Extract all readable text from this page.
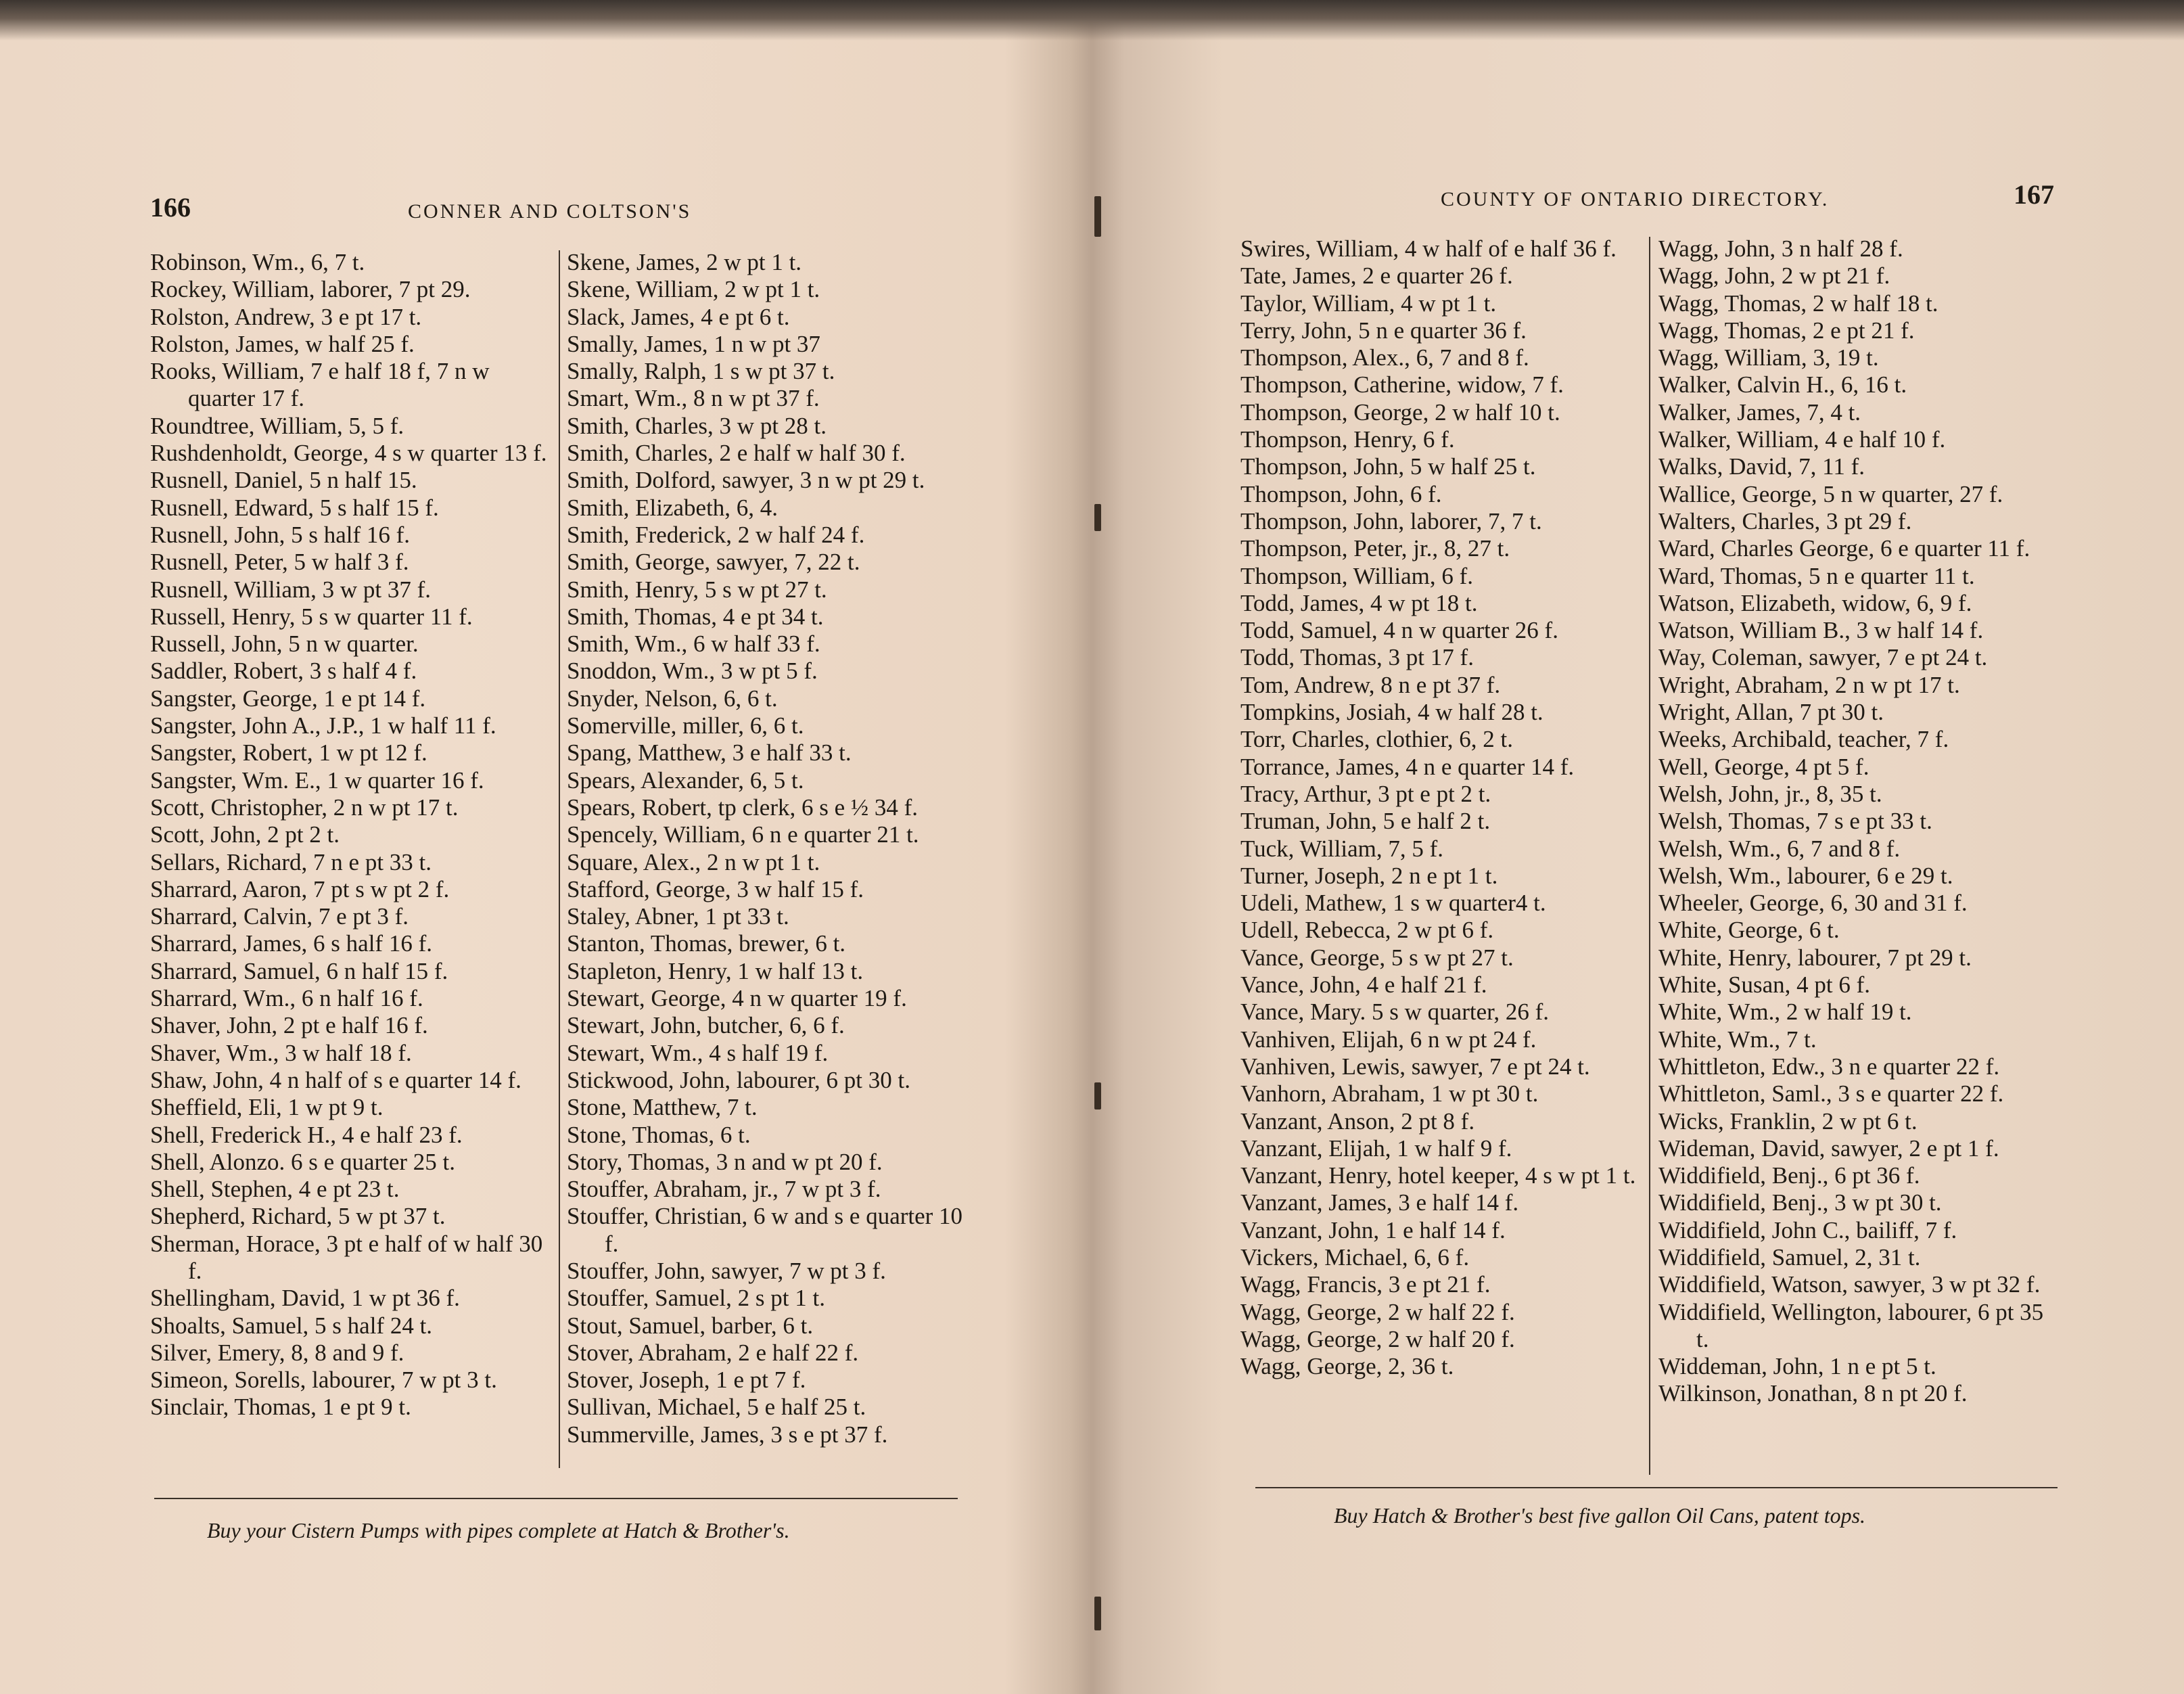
166	CONNER AND COLTSON'S
Robinson, Wm., 6, 7 t.
Rockey, William, laborer, 7 pt 29.
Rolston, Andrew, 3 e pt 17 t.
Rolston, James, w half 25 f.
Rooks, William, 7 e half 18 f, 7 n w quarter 17 f.
Roundtree, William, 5, 5 f.
Rushdenholdt, George, 4 s w quarter 13 f.
Rusnell, Daniel, 5 n half 15.
Rusnell, Edward, 5 s half 15 f.
Rusnell, John, 5 s half 16 f.
Rusnell, Peter, 5 w half 3 f.
Rusnell, William, 3 w pt 37 f.
Russell, Henry, 5 s w quarter 11 f.
Russell, John, 5 n w quarter.
Saddler, Robert, 3 s half 4 f.
Sangster, George, 1 e pt 14 f.
Sangster, John A., J.P., 1 w half 11 f.
Sangster, Robert, 1 w pt 12 f.
Sangster, Wm. E., 1 w quarter 16 f.
Scott, Christopher, 2 n w pt 17 t.
Scott, John, 2 pt 2 t.
Sellars, Richard, 7 n e pt 33 t.
Sharrard, Aaron, 7 pt s w pt 2 f.
Sharrard, Calvin, 7 e pt 3 f.
Sharrard, James, 6 s half 16 f.
Sharrard, Samuel, 6 n half 15 f.
Sharrard, Wm., 6 n half 16 f.
Shaver, John, 2 pt e half 16 f.
Shaver, Wm., 3 w half 18 f.
Shaw, John, 4 n half of s e quarter 14 f.
Sheffield, Eli, 1 w pt 9 t.
Shell, Frederick H., 4 e half 23 f.
Shell, Alonzo. 6 s e quarter 25 t.
Shell, Stephen, 4 e pt 23 t.
Shepherd, Richard, 5 w pt 37 t.
Sherman, Horace, 3 pt e half of w half 30 f.
Shellingham, David, 1 w pt 36 f.
Shoalts, Samuel, 5 s half 24 t.
Silver, Emery, 8, 8 and 9 f.
Simeon, Sorells, labourer, 7 w pt 3 t.
Sinclair, Thomas, 1 e pt 9 t.
Skene, James, 2 w pt 1 t.
Skene, William, 2 w pt 1 t.
Slack, James, 4 e pt 6 t.
Smally, James, 1 n w pt 37
Smally, Ralph, 1 s w pt 37 t.
Smart, Wm., 8 n w pt 37 f.
Smith, Charles, 3 w pt 28 t.
Smith, Charles, 2 e half w half 30 f.
Smith, Dolford, sawyer, 3 n w pt 29 t.
Smith, Elizabeth, 6, 4.
Smith, Frederick, 2 w half 24 f.
Smith, George, sawyer, 7, 22 t.
Smith, Henry, 5 s w pt 27 t.
Smith, Thomas, 4 e pt 34 t.
Smith, Wm., 6 w half 33 f.
Snoddon, Wm., 3 w pt 5 f.
Snyder, Nelson, 6, 6 t.
Somerville, miller, 6, 6 t.
Spang, Matthew, 3 e half 33 t.
Spears, Alexander, 6, 5 t.
Spears, Robert, tp clerk, 6 s e ½ 34 f.
Spencely, William, 6 n e quarter 21 t.
Square, Alex., 2 n w pt 1 t.
Stafford, George, 3 w half 15 f.
Staley, Abner, 1 pt 33 t.
Stanton, Thomas, brewer, 6 t.
Stapleton, Henry, 1 w half 13 t.
Stewart, George, 4 n w quarter 19 f.
Stewart, John, butcher, 6, 6 f.
Stewart, Wm., 4 s half 19 f.
Stickwood, John, labourer, 6 pt 30 t.
Stone, Matthew, 7 t.
Stone, Thomas, 6 t.
Story, Thomas, 3 n and w pt 20 f.
Stouffer, Abraham, jr., 7 w pt 3 f.
Stouffer, Christian, 6 w and s e quarter 10 f.
Stouffer, John, sawyer, 7 w pt 3 f.
Stouffer, Samuel, 2 s pt 1 t.
Stout, Samuel, barber, 6 t.
Stover, Abraham, 2 e half 22 f.
Stover, Joseph, 1 e pt 7 f.
Sullivan, Michael, 5 e half 25 t.
Summerville, James, 3 s e pt 37 f.
Buy your Cistern Pumps with pipes complete at Hatch & Brother's.
COUNTY OF ONTARIO DIRECTORY.	167
Swires, William, 4 w half of e half 36 f.
Tate, James, 2 e quarter 26 f.
Taylor, William, 4 w pt 1 t.
Terry, John, 5 n e quarter 36 f.
Thompson, Alex., 6, 7 and 8 f.
Thompson, Catherine, widow, 7 f.
Thompson, George, 2 w half 10 t.
Thompson, Henry, 6 f.
Thompson, John, 5 w half 25 t.
Thompson, John, 6 f.
Thompson, John, laborer, 7, 7 t.
Thompson, Peter, jr., 8, 27 t.
Thompson, William, 6 f.
Todd, James, 4 w pt 18 t.
Todd, Samuel, 4 n w quarter 26 f.
Todd, Thomas, 3 pt 17 f.
Tom, Andrew, 8 n e pt 37 f.
Tompkins, Josiah, 4 w half 28 t.
Torr, Charles, clothier, 6, 2 t.
Torrance, James, 4 n e quarter 14 f.
Tracy, Arthur, 3 pt e pt 2 t.
Truman, John, 5 e half 2 t.
Tuck, William, 7, 5 f.
Turner, Joseph, 2 n e pt 1 t.
Udeli, Mathew, 1 s w quarter4 t.
Udell, Rebecca, 2 w pt 6 f.
Vance, George, 5 s w pt 27 t.
Vance, John, 4 e half 21 f.
Vance, Mary. 5 s w quarter, 26 f.
Vanhiven, Elijah, 6 n w pt 24 f.
Vanhiven, Lewis, sawyer, 7 e pt 24 t.
Vanhorn, Abraham, 1 w pt 30 t.
Vanzant, Anson, 2 pt 8 f.
Vanzant, Elijah, 1 w half 9 f.
Vanzant, Henry, hotel keeper, 4 s w pt 1 t.
Vanzant, James, 3 e half 14 f.
Vanzant, John, 1 e half 14 f.
Vickers, Michael, 6, 6 f.
Wagg, Francis, 3 e pt 21 f.
Wagg, George, 2 w half 22 f.
Wagg, George, 2 w half 20 f.
Wagg, George, 2, 36 t.
Wagg, John, 3 n half 28 f.
Wagg, John, 2 w pt 21 f.
Wagg, Thomas, 2 w half 18 t.
Wagg, Thomas, 2 e pt 21 f.
Wagg, William, 3, 19 t.
Walker, Calvin H., 6, 16 t.
Walker, James, 7, 4 t.
Walker, William, 4 e half 10 f.
Walks, David, 7, 11 f.
Wallice, George, 5 n w quarter, 27 f.
Walters, Charles, 3 pt 29 f.
Ward, Charles George, 6 e quarter 11 f.
Ward, Thomas, 5 n e quarter 11 t.
Watson, Elizabeth, widow, 6, 9 f.
Watson, William B., 3 w half 14 f.
Way, Coleman, sawyer, 7 e pt 24 t.
Wright, Abraham, 2 n w pt 17 t.
Wright, Allan, 7 pt 30 t.
Weeks, Archibald, teacher, 7 f.
Well, George, 4 pt 5 f.
Welsh, John, jr., 8, 35 t.
Welsh, Thomas, 7 s e pt 33 t.
Welsh, Wm., 6, 7 and 8 f.
Welsh, Wm., labourer, 6 e 29 t.
Wheeler, George, 6, 30 and 31 f.
White, George, 6 t.
White, Henry, labourer, 7 pt 29 t.
White, Susan, 4 pt 6 f.
White, Wm., 2 w half 19 t.
White, Wm., 7 t.
Whittleton, Edw., 3 n e quarter 22 f.
Whittleton, Saml., 3 s e quarter 22 f.
Wicks, Franklin, 2 w pt 6 t.
Wideman, David, sawyer, 2 e pt 1 f.
Widdifield, Benj., 6 pt 36 f.
Widdifield, Benj., 3 w pt 30 t.
Widdifield, John C., bailiff, 7 f.
Widdifield, Samuel, 2, 31 t.
Widdifield, Watson, sawyer, 3 w pt 32 f.
Widdifield, Wellington, labourer, 6 pt 35 t.
Widdeman, John, 1 n e pt 5 t.
Wilkinson, Jonathan, 8 n pt 20 f.
Buy Hatch & Brother's best five gallon Oil Cans, patent tops.
